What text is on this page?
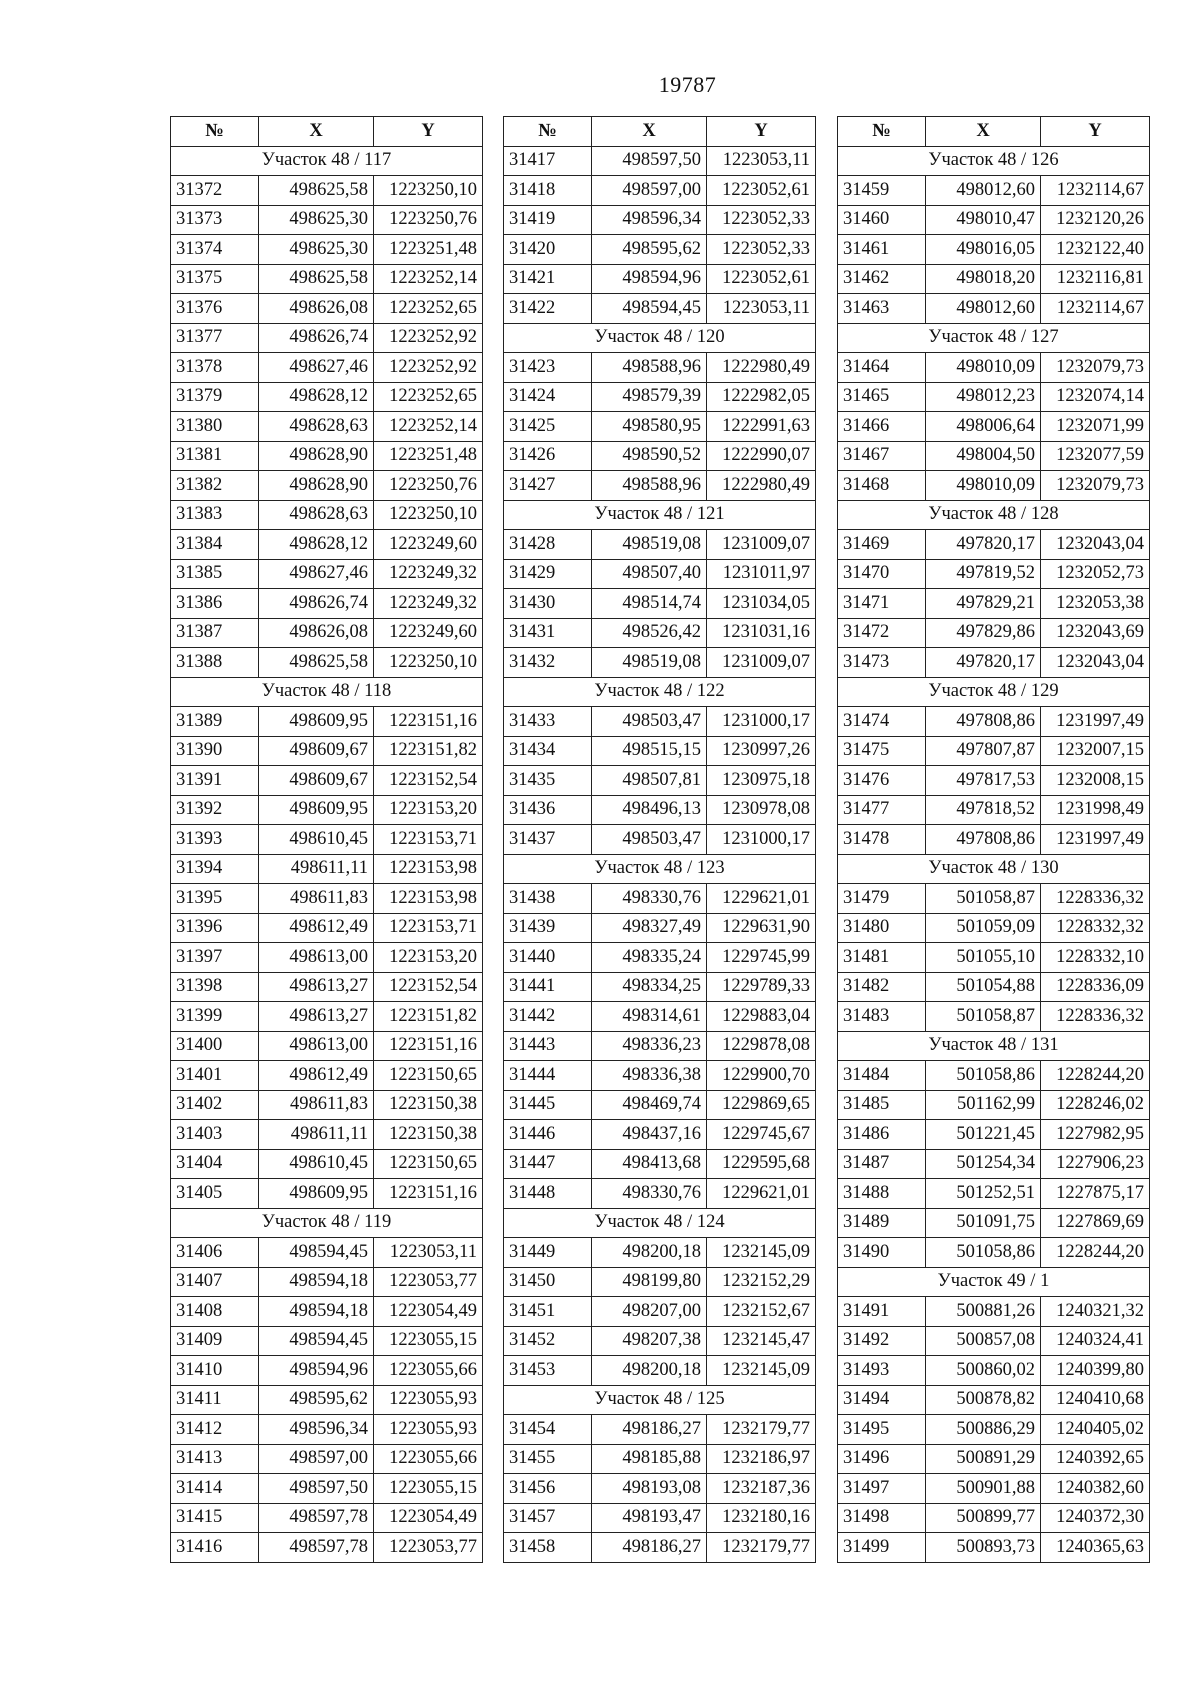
19787
№	X	Y
Участок 48 / 117		
31372	498625,58	1223250,10
31373	498625,30	1223250,76
31374	498625,30	1223251,48
31375	498625,58	1223252,14
31376	498626,08	1223252,65
31377	498626,74	1223252,92
31378	498627,46	1223252,92
31379	498628,12	1223252,65
31380	498628,63	1223252,14
31381	498628,90	1223251,48
31382	498628,90	1223250,76
31383	498628,63	1223250,10
31384	498628,12	1223249,60
31385	498627,46	1223249,32
31386	498626,74	1223249,32
31387	498626,08	1223249,60
31388	498625,58	1223250,10
Участок 48 / 118		
31389	498609,95	1223151,16
31390	498609,67	1223151,82
31391	498609,67	1223152,54
31392	498609,95	1223153,20
31393	498610,45	1223153,71
31394	498611,11	1223153,98
31395	498611,83	1223153,98
31396	498612,49	1223153,71
31397	498613,00	1223153,20
31398	498613,27	1223152,54
31399	498613,27	1223151,82
31400	498613,00	1223151,16
31401	498612,49	1223150,65
31402	498611,83	1223150,38
31403	498611,11	1223150,38
31404	498610,45	1223150,65
31405	498609,95	1223151,16
Участок 48 / 119		
31406	498594,45	1223053,11
31407	498594,18	1223053,77
31408	498594,18	1223054,49
31409	498594,45	1223055,15
31410	498594,96	1223055,66
31411	498595,62	1223055,93
31412	498596,34	1223055,93
31413	498597,00	1223055,66
31414	498597,50	1223055,15
31415	498597,78	1223054,49
31416	498597,78	1223053,77
№	X	Y
31417	498597,50	1223053,11
31418	498597,00	1223052,61
31419	498596,34	1223052,33
31420	498595,62	1223052,33
31421	498594,96	1223052,61
31422	498594,45	1223053,11
Участок 48 / 120		
31423	498588,96	1222980,49
31424	498579,39	1222982,05
31425	498580,95	1222991,63
31426	498590,52	1222990,07
31427	498588,96	1222980,49
Участок 48 / 121		
31428	498519,08	1231009,07
31429	498507,40	1231011,97
31430	498514,74	1231034,05
31431	498526,42	1231031,16
31432	498519,08	1231009,07
Участок 48 / 122		
31433	498503,47	1231000,17
31434	498515,15	1230997,26
31435	498507,81	1230975,18
31436	498496,13	1230978,08
31437	498503,47	1231000,17
Участок 48 / 123		
31438	498330,76	1229621,01
31439	498327,49	1229631,90
31440	498335,24	1229745,99
31441	498334,25	1229789,33
31442	498314,61	1229883,04
31443	498336,23	1229878,08
31444	498336,38	1229900,70
31445	498469,74	1229869,65
31446	498437,16	1229745,67
31447	498413,68	1229595,68
31448	498330,76	1229621,01
Участок 48 / 124		
31449	498200,18	1232145,09
31450	498199,80	1232152,29
31451	498207,00	1232152,67
31452	498207,38	1232145,47
31453	498200,18	1232145,09
Участок 48 / 125		
31454	498186,27	1232179,77
31455	498185,88	1232186,97
31456	498193,08	1232187,36
31457	498193,47	1232180,16
31458	498186,27	1232179,77
№	X	Y
Участок 48 / 126		
31459	498012,60	1232114,67
31460	498010,47	1232120,26
31461	498016,05	1232122,40
31462	498018,20	1232116,81
31463	498012,60	1232114,67
Участок 48 / 127		
31464	498010,09	1232079,73
31465	498012,23	1232074,14
31466	498006,64	1232071,99
31467	498004,50	1232077,59
31468	498010,09	1232079,73
Участок 48 / 128		
31469	497820,17	1232043,04
31470	497819,52	1232052,73
31471	497829,21	1232053,38
31472	497829,86	1232043,69
31473	497820,17	1232043,04
Участок 48 / 129		
31474	497808,86	1231997,49
31475	497807,87	1232007,15
31476	497817,53	1232008,15
31477	497818,52	1231998,49
31478	497808,86	1231997,49
Участок 48 / 130		
31479	501058,87	1228336,32
31480	501059,09	1228332,32
31481	501055,10	1228332,10
31482	501054,88	1228336,09
31483	501058,87	1228336,32
Участок 48 / 131		
31484	501058,86	1228244,20
31485	501162,99	1228246,02
31486	501221,45	1227982,95
31487	501254,34	1227906,23
31488	501252,51	1227875,17
31489	501091,75	1227869,69
31490	501058,86	1228244,20
Участок 49 / 1		
31491	500881,26	1240321,32
31492	500857,08	1240324,41
31493	500860,02	1240399,80
31494	500878,82	1240410,68
31495	500886,29	1240405,02
31496	500891,29	1240392,65
31497	500901,88	1240382,60
31498	500899,77	1240372,30
31499	500893,73	1240365,63
